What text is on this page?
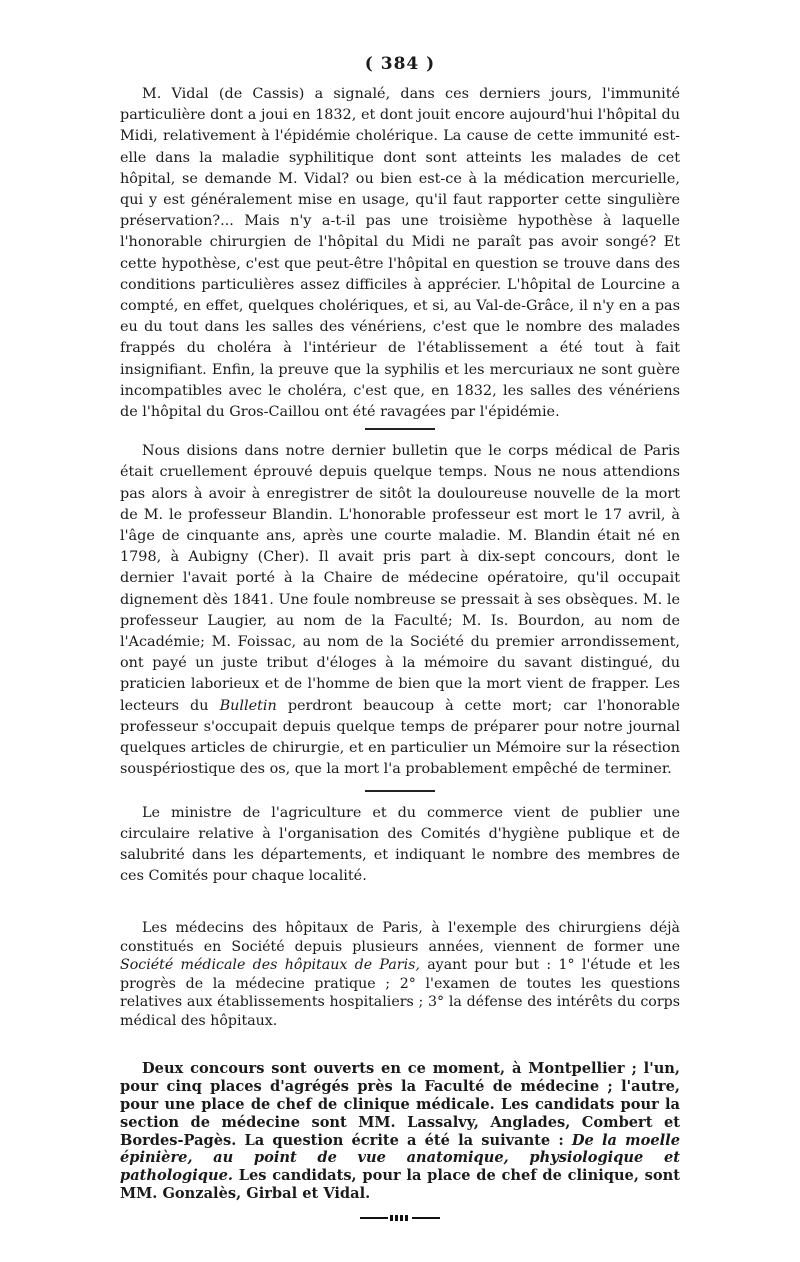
( 384 )

M. Vidal (de Cassis) a signalé, dans ces derniers jours, l'immunité particulière dont a joui en 1832, et dont jouit encore aujourd'hui l'hôpital du Midi, relativement à l'épidémie cholérique. La cause de cette immunité est-elle dans la maladie syphilitique dont sont atteints les malades de cet hôpital, se demande M. Vidal? ou bien est-ce à la médication mercurielle, qui y est généralement mise en usage, qu'il faut rapporter cette singulière préservation?... Mais n'y a-t-il pas une troisième hypothèse à laquelle l'honorable chirurgien de l'hôpital du Midi ne paraît pas avoir songé? Et cette hypothèse, c'est que peut-être l'hôpital en question se trouve dans des conditions particulières assez difficiles à apprécier. L'hôpital de Lourcine a compté, en effet, quelques cholériques, et si, au Val-de-Grâce, il n'y en a pas eu du tout dans les salles des vénériens, c'est que le nombre des malades frappés du choléra à l'intérieur de l'établissement a été tout à fait insignifiant. Enfin, la preuve que la syphilis et les mercuriaux ne sont guère incompatibles avec le choléra, c'est que, en 1832, les salles des vénériens de l'hôpital du Gros-Caillou ont été ravagées par l'épidémie.

Nous disions dans notre dernier bulletin que le corps médical de Paris était cruellement éprouvé depuis quelque temps. Nous ne nous attendions pas alors à avoir à enregistrer de sitôt la douloureuse nouvelle de la mort de M. le professeur Blandin. L'honorable professeur est mort le 17 avril, à l'âge de cinquante ans, après une courte maladie. M. Blandin était né en 1798, à Aubigny (Cher). Il avait pris part à dix-sept concours, dont le dernier l'avait porté à la Chaire de médecine opératoire, qu'il occupait dignement dès 1841. Une foule nombreuse se pressait à ses obsèques. M. le professeur Laugier, au nom de la Faculté; M. Is. Bourdon, au nom de l'Académie; M. Foissac, au nom de la Société du premier arrondissement, ont payé un juste tribut d'éloges à la mémoire du savant distingué, du praticien laborieux et de l'homme de bien que la mort vient de frapper. Les lecteurs du Bulletin perdront beaucoup à cette mort; car l'honorable professeur s'occupait depuis quelque temps de préparer pour notre journal quelques articles de chirurgie, et en particulier un Mémoire sur la résection souspériostique des os, que la mort l'a probablement empêché de terminer.

Le ministre de l'agriculture et du commerce vient de publier une circulaire relative à l'organisation des Comités d'hygiène publique et de salubrité dans les départements, et indiquant le nombre des membres de ces Comités pour chaque localité.

Les médecins des hôpitaux de Paris, à l'exemple des chirurgiens déjà constitués en Société depuis plusieurs années, viennent de former une Société médicale des hôpitaux de Paris, ayant pour but : 1° l'étude et les progrès de la médecine pratique ; 2° l'examen de toutes les questions relatives aux établissements hospitaliers ; 3° la défense des intérêts du corps médical des hôpitaux.

Deux concours sont ouverts en ce moment, à Montpellier ; l'un, pour cinq places d'agrégés près la Faculté de médecine ; l'autre, pour une place de chef de clinique médicale. Les candidats pour la section de médecine sont MM. Lassalvy, Anglades, Combert et Bordes-Pagès. La question écrite a été la suivante : De la moelle épinière, au point de vue anatomique, physiologique et pathologique. Les candidats, pour la place de chef de clinique, sont MM. Gonzalès, Girbal et Vidal.
